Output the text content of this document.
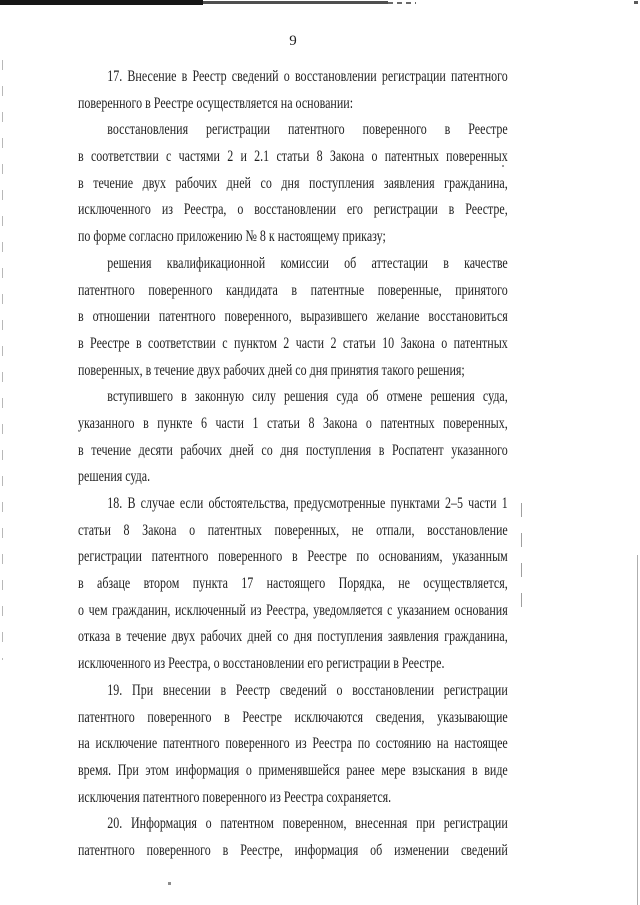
9
17. Внесение в Реестр сведений о восстановлении регистрации патентного
поверенного в Реестре осуществляется на основании:
восстановления регистрации патентного поверенного в Реестре
в соответствии с частями 2 и 2.1 статьи 8 Закона о патентных поверенных
в течение двух рабочих дней со дня поступления заявления гражданина,
исключенного из Реестра, о восстановлении его регистрации в Реестре,
по форме согласно приложению № 8 к настоящему приказу;
решения квалификационной комиссии об аттестации в качестве
патентного поверенного кандидата в патентные поверенные, принятого
в отношении патентного поверенного, выразившего желание восстановиться
в Реестре в соответствии с пунктом 2 части 2 статьи 10 Закона о патентных
поверенных, в течение двух рабочих дней со дня принятия такого решения;
вступившего в законную силу решения суда об отмене решения суда,
указанного в пункте 6 части 1 статьи 8 Закона о патентных поверенных,
в течение десяти рабочих дней со дня поступления в Роспатент указанного
решения суда.
18. В случае если обстоятельства, предусмотренные пунктами 2–5 части 1
статьи 8 Закона о патентных поверенных, не отпали, восстановление
регистрации патентного поверенного в Реестре по основаниям, указанным
в абзаце втором пункта 17 настоящего Порядка, не осуществляется,
о чем гражданин, исключенный из Реестра, уведомляется с указанием основания
отказа в течение двух рабочих дней со дня поступления заявления гражданина,
исключенного из Реестра, о восстановлении его регистрации в Реестре.
19. При внесении в Реестр сведений о восстановлении регистрации
патентного поверенного в Реестре исключаются сведения, указывающие
на исключение патентного поверенного из Реестра по состоянию на настоящее
время. При этом информация о применявшейся ранее мере взыскания в виде
исключения патентного поверенного из Реестра сохраняется.
20. Информация о патентном поверенном, внесенная при регистрации
патентного поверенного в Реестре, информация об изменении сведений
